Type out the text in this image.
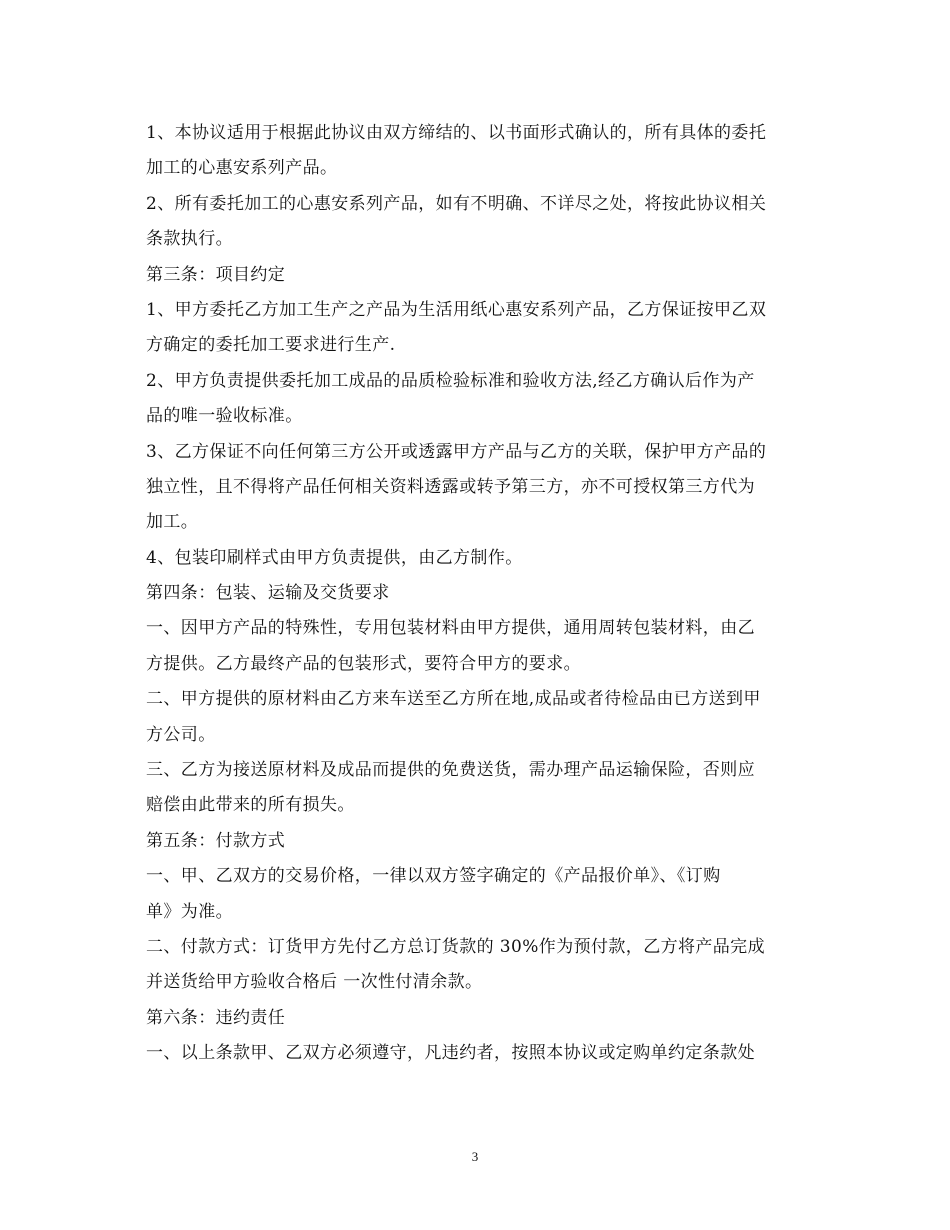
1、本协议适用于根据此协议由双方缔结的、以书面形式确认的，所有具体的委托
加工的心惠安系列产品。
2、所有委托加工的心惠安系列产品，如有不明确、不详尽之处，将按此协议相关
条款执行。
第三条：项目约定
1、甲方委托乙方加工生产之产品为生活用纸心惠安系列产品，乙方保证按甲乙双
方确定的委托加工要求进行生产.
2、甲方负责提供委托加工成品的品质检验标准和验收方法,经乙方确认后作为产
品的唯一验收标准。
3、乙方保证不向任何第三方公开或透露甲方产品与乙方的关联，保护甲方产品的
独立性，且不得将产品任何相关资料透露或转予第三方，亦不可授权第三方代为
加工。
4、包装印刷样式由甲方负责提供，由乙方制作。
第四条：包装、运输及交货要求
一、因甲方产品的特殊性，专用包装材料由甲方提供，通用周转包装材料，由乙
方提供。乙方最终产品的包装形式，要符合甲方的要求。
二、甲方提供的原材料由乙方来车送至乙方所在地,成品或者待检品由已方送到甲
方公司。
三、乙方为接送原材料及成品而提供的免费送货，需办理产品运输保险，否则应
赔偿由此带来的所有损失。
第五条：付款方式
一、甲、乙双方的交易价格，一律以双方签字确定的《产品报价单》、《订购
单》为准。
二、付款方式：订货甲方先付乙方总订货款的 30%作为预付款，乙方将产品完成
并送货给甲方验收合格后 一次性付清余款。
第六条：违约责任
一、以上条款甲、乙双方必须遵守，凡违约者，按照本协议或定购单约定条款处
3
